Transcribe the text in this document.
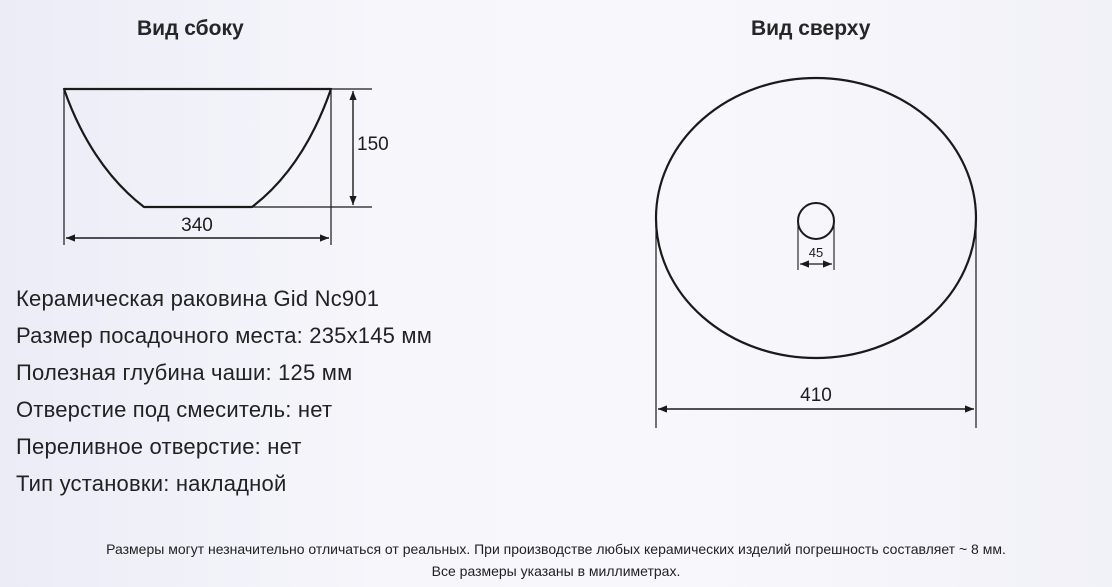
Вид сбоку	Вид сверху
150
340
45
410
Керамическая раковина Gid Nc901
Размер посадочного места: 235x145 мм
Полезная глубина чаши: 125 мм
Отверстие под смеситель: нет
Переливное отверстие: нет
Тип установки: накладной
Размеры могут незначительно отличаться от реальных. При производстве любых керамических изделий погрешность составляет ~ 8 мм.
Все размеры указаны в миллиметрах.
